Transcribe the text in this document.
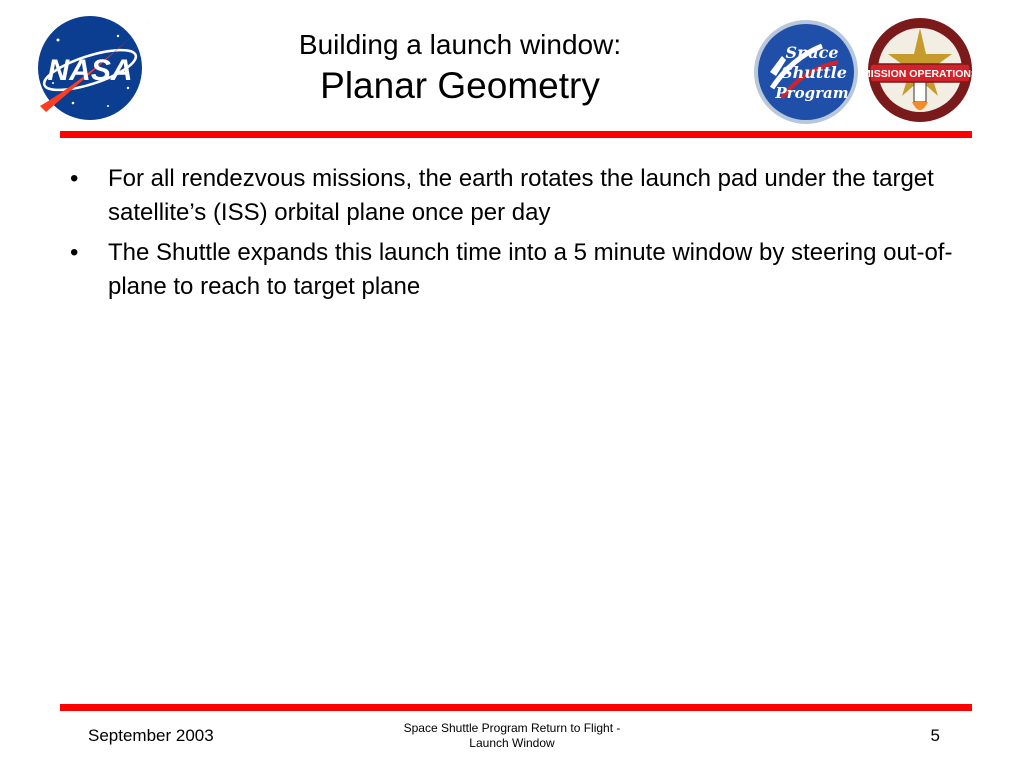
NASA
Building a launch window:
Planar Geometry
Space
Shuttle
Program
MISSION OPERATIONS
• For all rendezvous missions, the earth rotates the launch pad under the target satellite’s (ISS) orbital plane once per day
• The Shuttle expands this launch time into a 5 minute window by steering out-of-plane to reach to target plane
September 2003	Space Shuttle Program Return to Flight -
Launch Window	5
